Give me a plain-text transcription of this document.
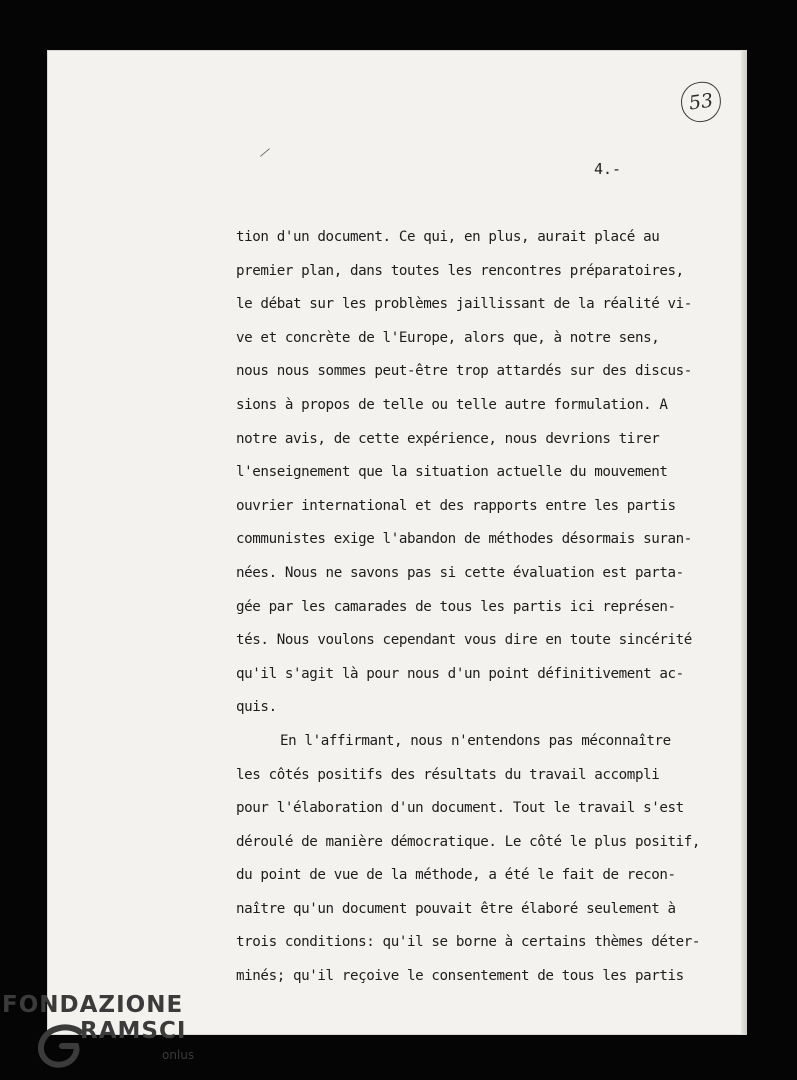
53
4.-
tion d'un document. Ce qui, en plus, aurait placé au
premier plan, dans toutes les rencontres préparatoires,
le débat sur les problèmes jaillissant de la réalité vi-
ve et concrète de l'Europe, alors que, à notre sens,
nous nous sommes peut-être trop attardés sur des discus-
sions à propos de telle ou telle autre formulation. A
notre avis, de cette expérience, nous devrions tirer
l'enseignement que la situation actuelle du mouvement
ouvrier international et des rapports entre les partis
communistes exige l'abandon de méthodes désormais suran-
nées. Nous ne savons pas si cette évaluation est parta-
gée par les camarades de tous les partis ici représen-
tés. Nous voulons cependant vous dire en toute sincérité
qu'il s'agit là pour nous d'un point définitivement ac-
quis.
En l'affirmant, nous n'entendons pas méconnaître
les côtés positifs des résultats du travail accompli
pour l'élaboration d'un document. Tout le travail s'est
déroulé de manière démocratique. Le côté le plus positif,
du point de vue de la méthode, a été le fait de recon-
naître qu'un document pouvait être élaboré seulement à
trois conditions: qu'il se borne à certains thèmes déter-
minés; qu'il reçoive le consentement de tous les partis
FONDAZIONE
RAMSCI
onlus
